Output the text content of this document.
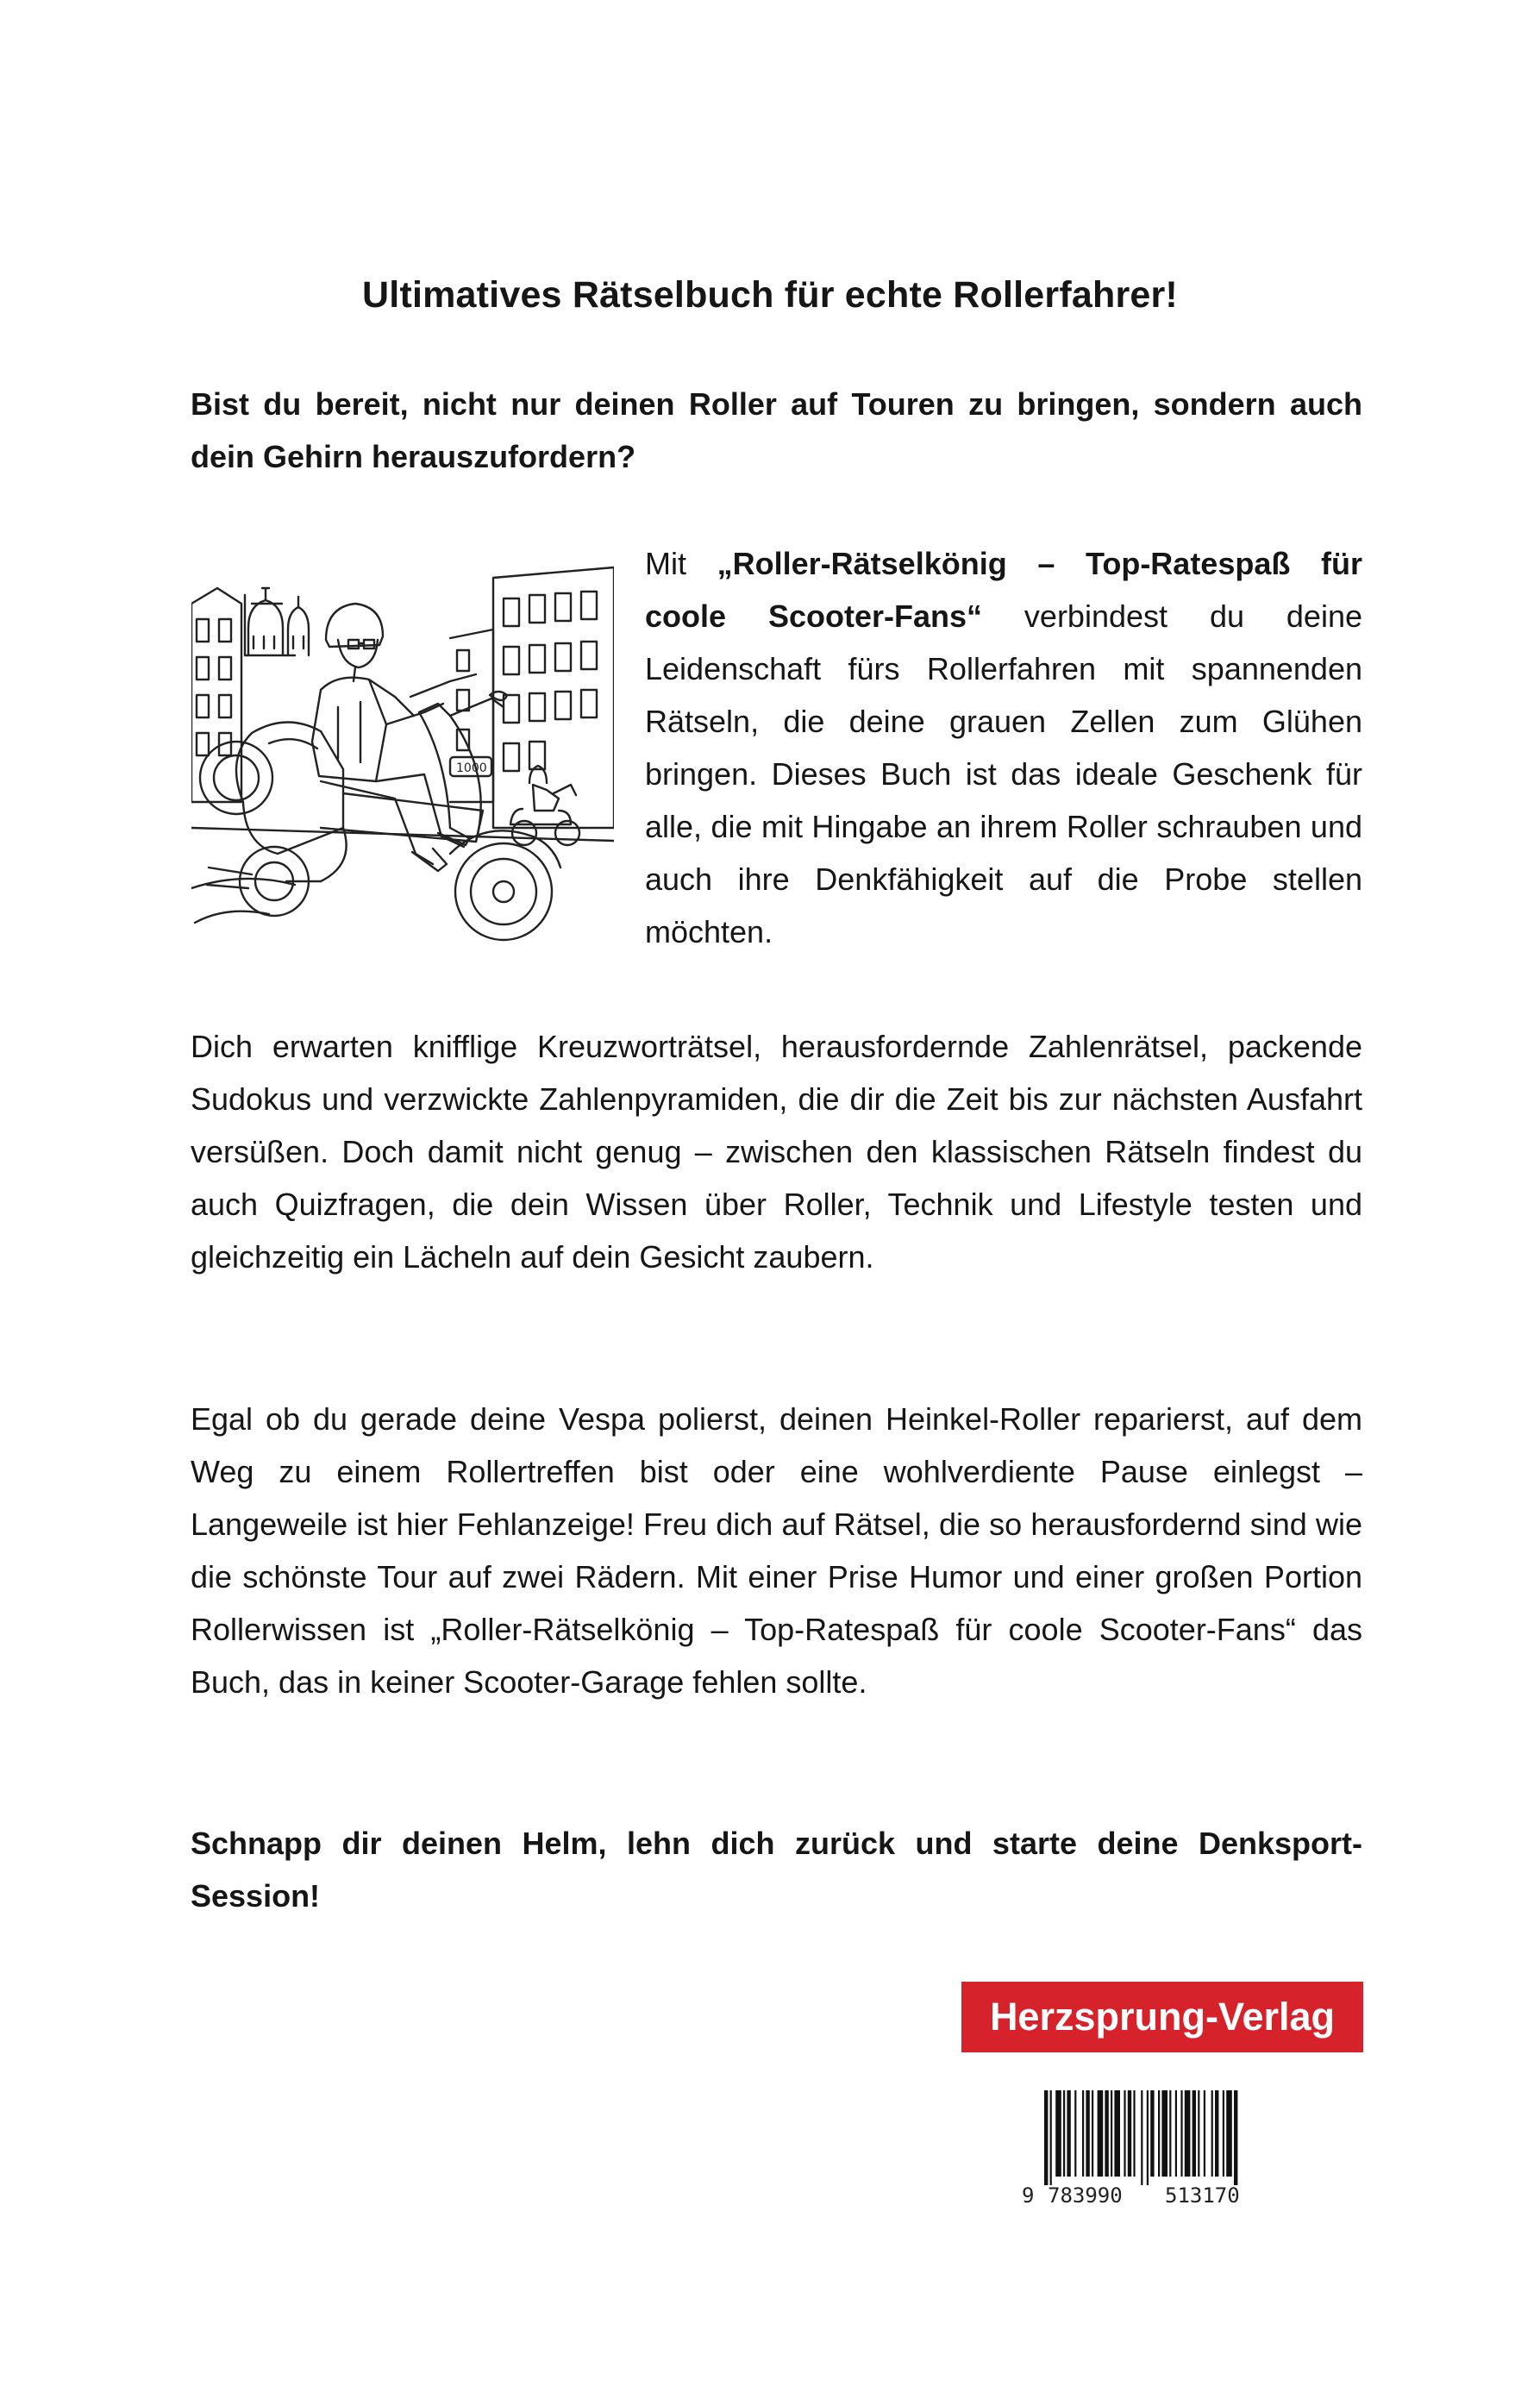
Ultimatives Rätselbuch für echte Rollerfahrer!
Bist du bereit, nicht nur deinen Roller auf Touren zu bringen, sondern auch dein Gehirn herauszufordern?
1000
Mit „Roller-Rätselkönig – Top-Ratespaß für coole Scooter-Fans“ verbindest du deine Leidenschaft fürs Rollerfahren mit spannenden Rätseln, die deine grauen Zellen zum Glühen bringen. Dieses Buch ist das ideale Geschenk für alle, die mit Hingabe an ihrem Roller schrauben und auch ihre Denkfähigkeit auf die Probe stellen möchten.
Dich erwarten knifflige Kreuzworträtsel, herausfordernde Zahlenrätsel, packende Sudokus und verzwickte Zahlenpyramiden, die dir die Zeit bis zur nächsten Ausfahrt versüßen. Doch damit nicht genug – zwischen den klassischen Rätseln findest du auch Quizfragen, die dein Wissen über Roller, Technik und Lifestyle testen und gleichzeitig ein Lächeln auf dein Gesicht zaubern.
Egal ob du gerade deine Vespa polierst, deinen Heinkel-Roller reparierst, auf dem Weg zu einem Rollertreffen bist oder eine wohlverdiente Pause einlegst – Langeweile ist hier Fehlanzeige! Freu dich auf Rätsel, die so herausfordernd sind wie die schönste Tour auf zwei Rädern. Mit einer Prise Humor und einer großen Portion Rollerwissen ist „Roller-Rätselkönig – Top-Ratespaß für coole Scooter-Fans“ das Buch, das in keiner Scooter-Garage fehlen sollte.
Schnapp dir deinen Helm, lehn dich zurück und starte deine Denksport-Session!
Herzsprung-Verlag
9 783990 513170
